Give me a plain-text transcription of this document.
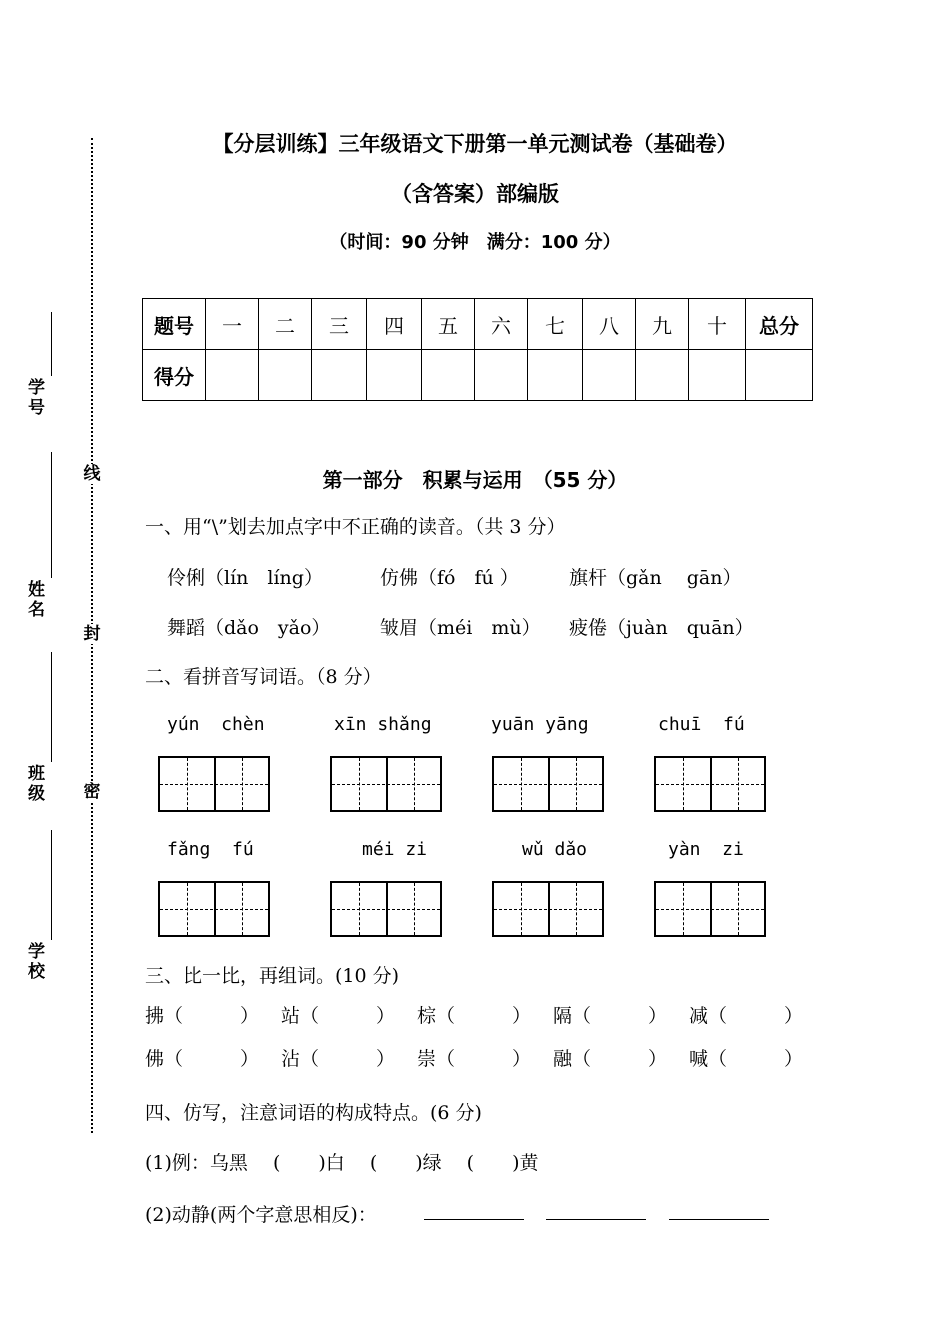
学号
姓名
班级
学校
线
封
密
【分层训练】三年级语文下册第一单元测试卷（基础卷）
（含答案）部编版
（时间：90 分钟　满分：100 分）
题号	一	二	三	四	五	六	七	八	九	十	总分
得分											
第一部分　积累与运用　（55 分）
一、用“\”划去加点字中不正确的读音。（共 3 分）
伶俐（lín　líng）	仿佛（fó　fú ）	旗杆（gǎn　 gān）
舞蹈（dǎo　yǎo）	皱眉（méi　mù） 疲倦（juàn　quān）
二、看拼音写词语。（8 分）
yún  chèn	xīn shǎng	yuān yāng	chuī  fú
fǎng  fú	méi zi	wǔ dǎo	yàn  zi
三、比一比，再组词。(10 分)
拂（　　　） 站（　　　） 棕（　　　） 隔（　　　） 减（　　　）
佛（　　　） 沾（　　　） 崇（　　　） 融（　　　） 喊（　　　）
四、仿写，注意词语的构成特点。(6 分)
(1)例：乌黑　 (　　)白　 (　　)绿　 (　　)黄
(2)动静(两个字意思相反)：
